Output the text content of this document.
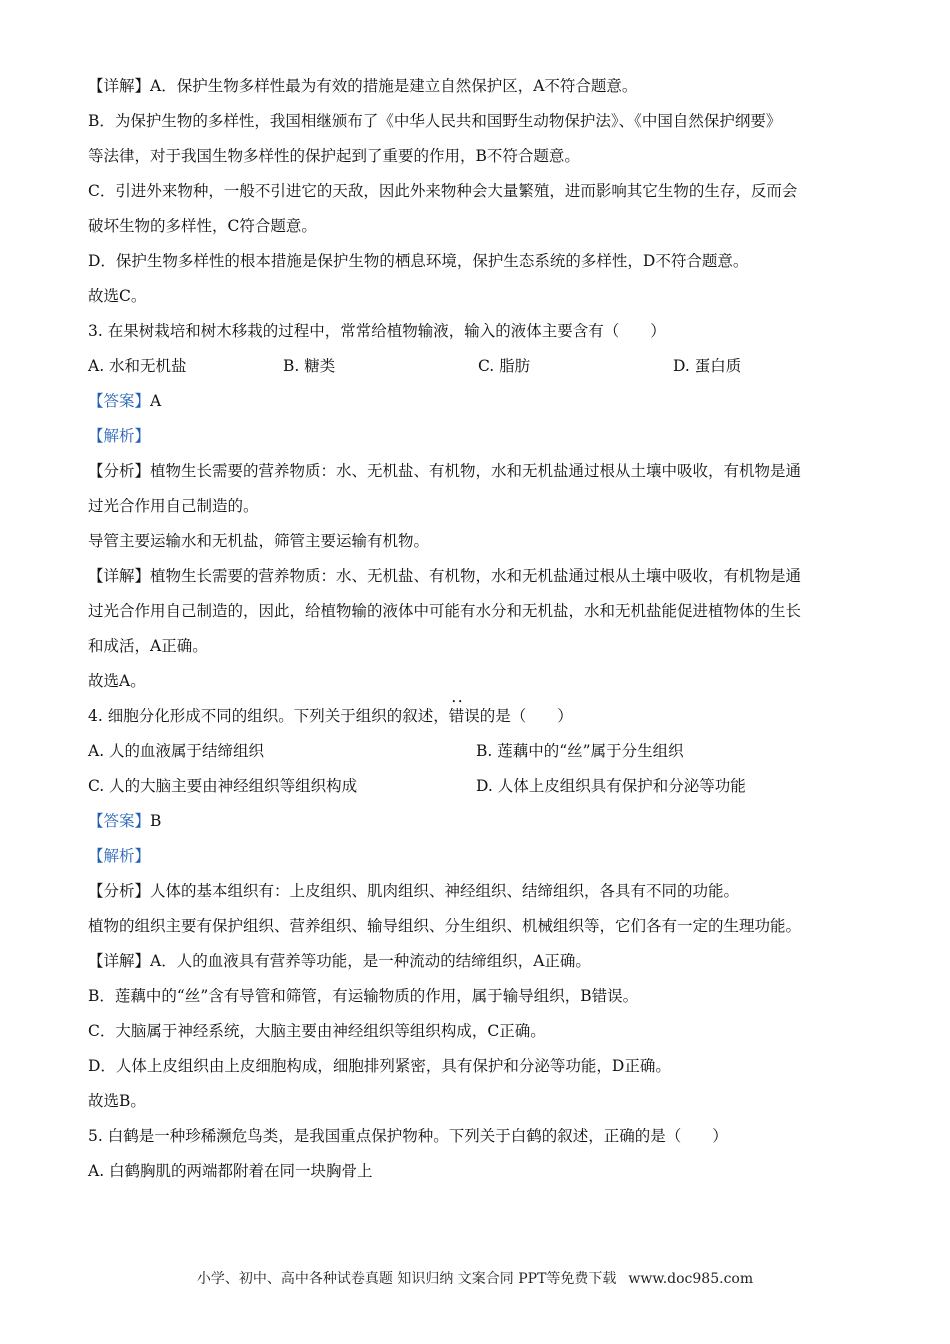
【详解】A．保护生物多样性最为有效的措施是建立自然保护区，A不符合题意。

B．为保护生物的多样性，我国相继颁布了《中华人民共和国野生动物保护法》、《中国自然保护纲要》

等法律，对于我国生物多样性的保护起到了重要的作用，B不符合题意。

C．引进外来物种，一般不引进它的天敌，因此外来物种会大量繁殖，进而影响其它生物的生存，反而会

破坏生物的多样性，C符合题意。

D．保护生物多样性的根本措施是保护生物的栖息环境，保护生态系统的多样性，D不符合题意。

故选C。

3. 在果树栽培和树木移栽的过程中，常常给植物输液，输入的液体主要含有（　　）

A. 水和无机盐	B. 糖类	C. 脂肪	D. 蛋白质

【答案】A

【解析】

【分析】植物生长需要的营养物质：水、无机盐、有机物，水和无机盐通过根从土壤中吸收，有机物是通

过光合作用自己制造的。

导管主要运输水和无机盐，筛管主要运输有机物。

【详解】植物生长需要的营养物质：水、无机盐、有机物，水和无机盐通过根从土壤中吸收，有机物是通

过光合作用自己制造的，因此，给植物输的液体中可能有水分和无机盐，水和无机盐能促进植物体的生长

和成活，A正确。

故选A。

4. 细胞分化形成不同的组织。下列关于组织的叙述，• • 错误的是（　　）

A. 人的血液属于结缔组织	B. 莲藕中的“丝”属于分生组织
C. 人的大脑主要由神经组织等组织构成	D. 人体上皮组织具有保护和分泌等功能

【答案】B

【解析】

【分析】人体的基本组织有：上皮组织、肌肉组织、神经组织、结缔组织，各具有不同的功能。

植物的组织主要有保护组织、营养组织、输导组织、分生组织、机械组织等，它们各有一定的生理功能。

【详解】A．人的血液具有营养等功能，是一种流动的结缔组织，A正确。

B．莲藕中的“丝”含有导管和筛管，有运输物质的作用，属于输导组织，B错误。

C．大脑属于神经系统，大脑主要由神经组织等组织构成，C正确。

D．人体上皮组织由上皮细胞构成，细胞排列紧密，具有保护和分泌等功能，D正确。

故选B。

5. 白鹤是一种珍稀濒危鸟类，是我国重点保护物种。下列关于白鹤的叙述，正确的是（　　）

A. 白鹤胸肌的两端都附着在同一块胸骨上

小学、初中、高中各种试卷真题 知识归纳 文案合同 PPT等免费下载 www.doc985.com
